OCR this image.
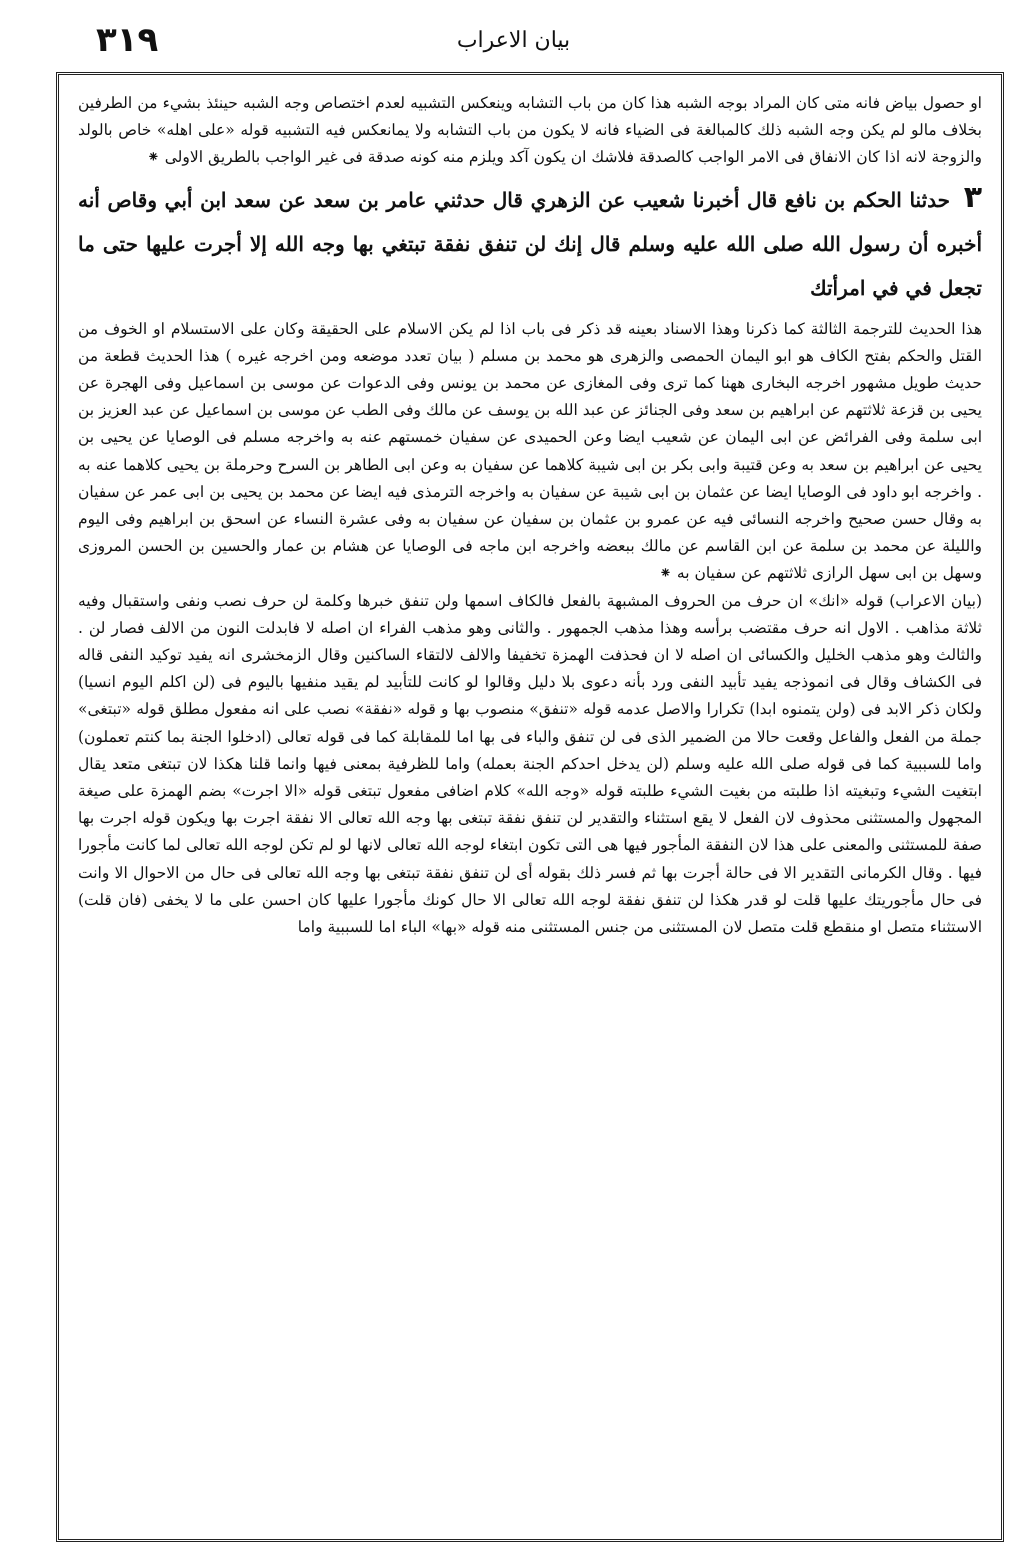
٣١٩	بيان الاعراب

او حصول بياض فانه متى كان المراد بوجه الشبه هذا كان من باب التشابه وينعكس التشبيه لعدم اختصاص وجه الشبه حينئذ بشيء من الطرفين بخلاف مالو لم يكن وجه الشبه ذلك كالمبالغة فى الضياء فانه لا يكون من باب التشابه ولا يمانعكس فيه التشبيه قوله «على اهله» خاص بالولد والزوجة لانه اذا كان الانفاق فى الامر الواجب كالصدقة فلاشك ان يكون آكد ويلزم منه كونه صدقة فى غير الواجب بالطريق الاولى ⁕

٣ حدثنا الحكم بن نافع قال أخبرنا شعيب عن الزهري قال حدثني عامر بن سعد عن سعد ابن أبي وقاص أنه أخبره أن رسول الله صلى الله عليه وسلم قال إنك لن تنفق نفقة تبتغي بها وجه الله إلا أجرت عليها حتى ما تجعل في في امرأتك

هذا الحديث للترجمة الثالثة كما ذكرنا وهذا الاسناد بعينه قد ذكر فى باب اذا لم يكن الاسلام على الحقيقة وكان على الاستسلام او الخوف من القتل والحكم بفتح الكاف هو ابو اليمان الحمصى والزهرى هو محمد بن مسلم ( بيان تعدد موضعه ومن اخرجه غيره ) هذا الحديث قطعة من حديث طويل مشهور اخرجه البخارى ههنا كما ترى وفى المغازى عن محمد بن يونس وفى الدعوات عن موسى بن اسماعيل وفى الهجرة عن يحيى بن قزعة ثلاثتهم عن ابراهيم بن سعد وفى الجنائز عن عبد الله بن يوسف عن مالك وفى الطب عن موسى بن اسماعيل عن عبد العزيز بن ابى سلمة وفى الفرائض عن ابى اليمان عن شعيب ايضا وعن الحميدى عن سفيان خمستهم عنه به واخرجه مسلم فى الوصايا عن يحيى بن يحيى عن ابراهيم بن سعد به وعن قتيبة وابى بكر بن ابى شيبة كلاهما عن سفيان به وعن ابى الطاهر بن السرح وحرملة بن يحيى كلاهما عنه به . واخرجه ابو داود فى الوصايا ايضا عن عثمان بن ابى شيبة عن سفيان به واخرجه الترمذى فيه ايضا عن محمد بن يحيى بن ابى عمر عن سفيان به وقال حسن صحيح واخرجه النسائى فيه عن عمرو بن عثمان بن سفيان عن سفيان به وفى عشرة النساء عن اسحق بن ابراهيم وفى اليوم والليلة عن محمد بن سلمة عن ابن القاسم عن مالك ببعضه واخرجه ابن ماجه فى الوصايا عن هشام بن عمار والحسين بن الحسن المروزى وسهل بن ابى سهل الرازى ثلاثتهم عن سفيان به ⁕

(بيان الاعراب) قوله «انك» ان حرف من الحروف المشبهة بالفعل فالكاف اسمها ولن تنفق خبرها وكلمة لن حرف نصب ونفى واستقبال وفيه ثلاثة مذاهب . الاول انه حرف مقتضب برأسه وهذا مذهب الجمهور . والثانى وهو مذهب الفراء ان اصله لا فابدلت النون من الالف فصار لن . والثالث وهو مذهب الخليل والكسائى ان اصله لا ان فحذفت الهمزة تخفيفا والالف لالتقاء الساكنين وقال الزمخشرى انه يفيد توكيد النفى قاله فى الكشاف وقال فى انموذجه يفيد تأبيد النفى ورد بأنه دعوى بلا دليل وقالوا لو كانت للتأبيد لم يقيد منفيها باليوم فى (لن اكلم اليوم انسيا) ولكان ذكر الابد فى (ولن يتمنوه ابدا) تكرارا والاصل عدمه قوله «تنفق» منصوب بها و قوله «نفقة» نصب على انه مفعول مطلق قوله «تبتغى» جملة من الفعل والفاعل وقعت حالا من الضمير الذى فى لن تنفق والباء فى بها اما للمقابلة كما فى قوله تعالى (ادخلوا الجنة بما كنتم تعملون) واما للسببية كما فى قوله صلى الله عليه وسلم (لن يدخل احدكم الجنة بعمله) واما للظرفية بمعنى فيها وانما قلنا هكذا لان تبتغى متعد يقال ابتغيت الشيء وتبغيته اذا طلبته من بغيت الشيء طلبته قوله «وجه الله» كلام اضافى مفعول تبتغى قوله «الا اجرت» بضم الهمزة على صيغة المجهول والمستثنى محذوف لان الفعل لا يقع استثناء والتقدير لن تنفق نفقة تبتغى بها وجه الله تعالى الا نفقة اجرت بها ويكون قوله اجرت بها صفة للمستثنى والمعنى على هذا لان النفقة المأجور فيها هى التى تكون ابتغاء لوجه الله تعالى لانها لو لم تكن لوجه الله تعالى لما كانت مأجورا فيها . وقال الكرمانى التقدير الا فى حالة أجرت بها ثم فسر ذلك بقوله أى لن تنفق نفقة تبتغى بها وجه الله تعالى فى حال من الاحوال الا وانت فى حال مأجوريتك عليها قلت لو قدر هكذا لن تنفق نفقة لوجه الله تعالى الا حال كونك مأجورا عليها كان احسن على ما لا يخفى (فان قلت) الاستثناء متصل او منقطع قلت متصل لان المستثنى من جنس المستثنى منه قوله «بها» الباء اما للسببية واما
